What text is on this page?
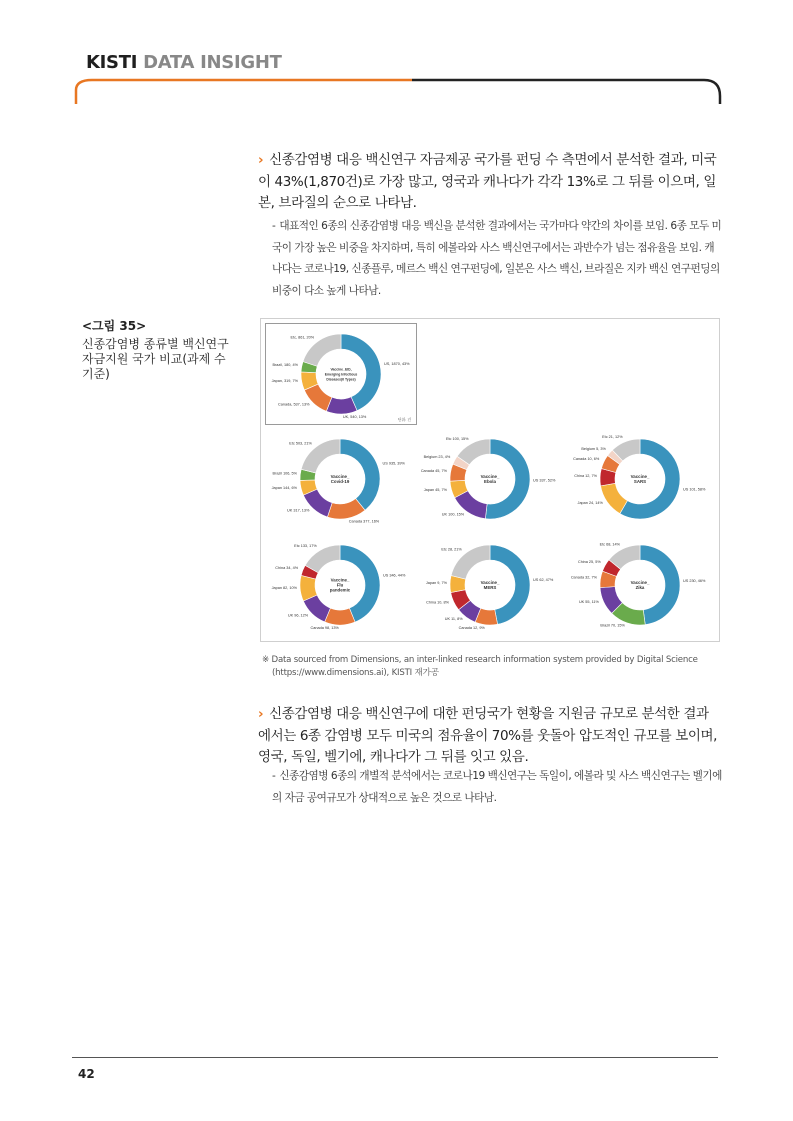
KISTI DATA INSIGHT
› 신종감염병 대응 백신연구 자금제공 국가를 펀딩 수 측면에서 분석한 결과, 미국이 43%(1,870건)로 가장 많고, 영국과 캐나다가 각각 13%로 그 뒤를 이으며, 일본, 브라질의 순으로 나타남.
- 대표적인 6종의 신종감염병 대응 백신을 분석한 결과에서는 국가마다 약간의 차이를 보임. 6종 모두 미국이 가장 높은 비중을 차지하며, 특히 에볼라와 사스 백신연구에서는 과반수가 넘는 점유율을 보임. 캐나다는 코로나19, 신종플루, 메르스 백신 연구펀딩에, 일본은 사스 백신, 브라질은 지카 백신 연구펀딩의 비중이 다소 높게 나타남.
<그림 35>
신종감염병 종류별 백신연구 자금지원 국가 비교(과제 수 기준)
US, 1870, 43%
UK, 540, 13%
Canada, 537, 13%
Japan, 319, 7%
Brazil, 180, 4%
Etc, 861, 20%
Vaccine_EID,
Emerging Infectious
Diseases(6 Types)
단위: 건
US 935, 39%
Canada 377, 16%
UK 317, 13%
Japan 144, 6%
Brazil 106, 5%
Etc 503, 21%
Vaccine_
Covid-19	US 337, 52%
UK 100, 15%
Japan 45, 7%
Canada 45, 7%
Belgium 23, 4%
Etc 100, 15%
Vaccine_
Ebola
US 101, 58%
Japan 24, 14%
China 12, 7%
Canada 10, 6%
Belgium 5, 3%
Etc 21, 12%
Vaccine_
SARS
US 346, 44%
Canada 98, 13%
UK 96, 12%
Japan 82, 10%
China 34, 4%
Etc 133, 17%
Vaccine_
Flu
pandemic
US 62, 47%
Canada 12, 9%
UK 11, 8%
China 10, 8%
Japan 9, 7%
Etc 28, 21%
Vaccine_
MERS
US 230, 46%
Brazil 70, 15%
UK 55, 11%
Canada 32, 7%
China 25, 5%
Etc 68, 14%
Vaccine_
Zika
※ Data sourced from Dimensions, an inter-linked research information system provided by Digital Science
(https://www.dimensions.ai), KISTI 재가공
› 신종감염병 대응 백신연구에 대한 펀딩국가 현황을 지원금 규모로 분석한 결과에서는 6종 감염병 모두 미국의 점유율이 70%를 웃돌아 압도적인 규모를 보이며, 영국, 독일, 벨기에, 캐나다가 그 뒤를 잇고 있음.
- 신종감염병 6종의 개별적 분석에서는 코로나19 백신연구는 독일이, 에볼라 및 사스 백신연구는 벨기에의 자금 공여규모가 상대적으로 높은 것으로 나타남.
42
